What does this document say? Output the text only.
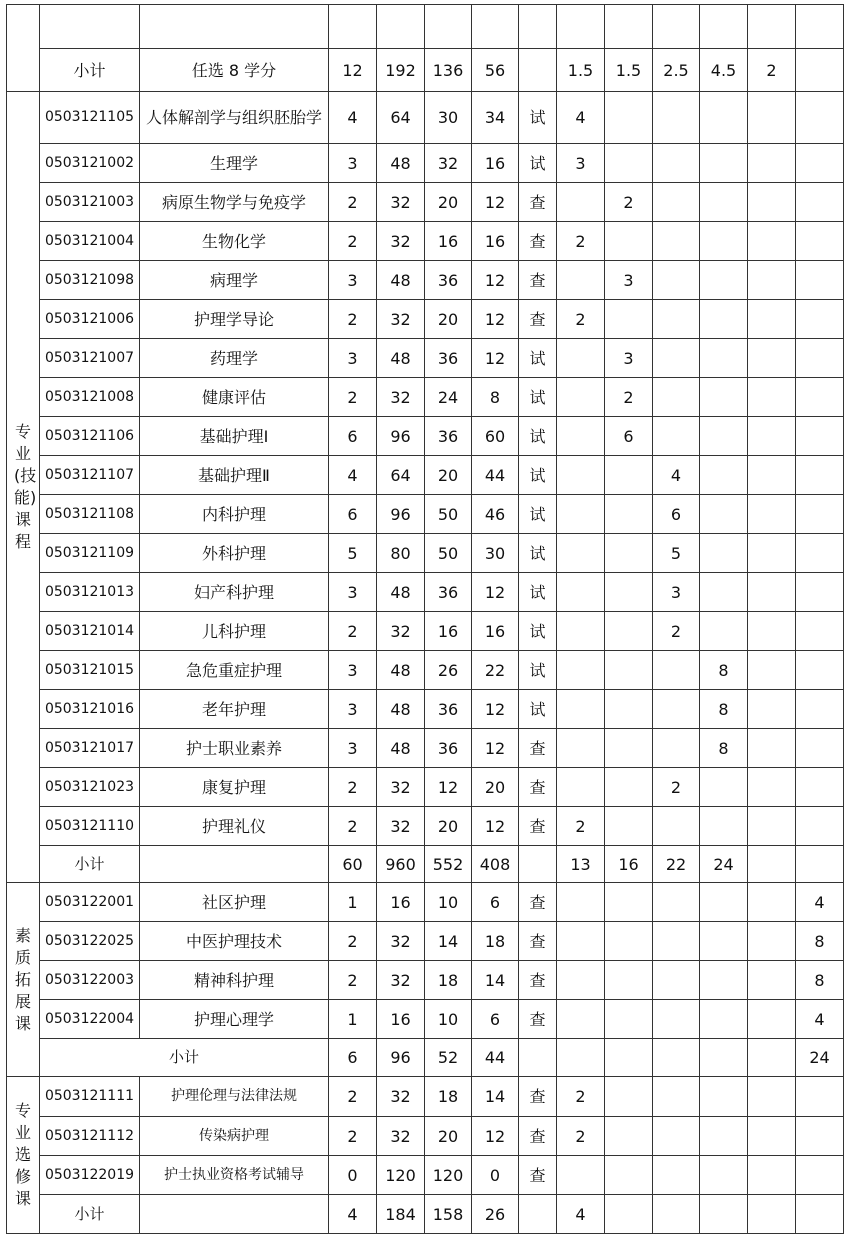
	小计	任选 8 学分	12	192	136	56		1.5	1.5	2.5	4.5	2	
专业(技能)课程	0503121105	人体解剖学与组织胚胎学	4	64	30	34	试	4					
	0503121002	生理学	3	48	32	16	试	3					
	0503121003	病原生物学与免疫学	2	32	20	12	查		2				
	0503121004	生物化学	2	32	16	16	查	2					
	0503121098	病理学	3	48	36	12	查		3				
	0503121006	护理学导论	2	32	20	12	查	2					
	0503121007	药理学	3	48	36	12	试		3				
	0503121008	健康评估	2	32	24	8	试		2				
	0503121106	基础护理Ⅰ	6	96	36	60	试		6				
	0503121107	基础护理Ⅱ	4	64	20	44	试			4			
	0503121108	内科护理	6	96	50	46	试			6			
	0503121109	外科护理	5	80	50	30	试			5			
	0503121013	妇产科护理	3	48	36	12	试			3			
	0503121014	儿科护理	2	32	16	16	试			2			
	0503121015	急危重症护理	3	48	26	22	试				8		
	0503121016	老年护理	3	48	36	12	试				8		
	0503121017	护士职业素养	3	48	36	12	查				8		
	0503121023	康复护理	2	32	12	20	查			2			
	0503121110	护理礼仪	2	32	20	12	查	2					
	小计		60	960	552	408		13	16	22	24		
素质拓展课	0503122001	社区护理	1	16	10	6	查						4
	0503122025	中医护理技术	2	32	14	18	查						8
	0503122003	精神科护理	2	32	18	14	查						8
	0503122004	护理心理学	1	16	10	6	查						4
	小计		6	96	52	44							24
专业选修课	0503121111	护理伦理与法律法规	2	32	18	14	查	2					
	0503121112	传染病护理	2	32	20	12	查	2					
	0503122019	护士执业资格考试辅导	0	120	120	0	查						
	小计		4	184	158	26		4					
